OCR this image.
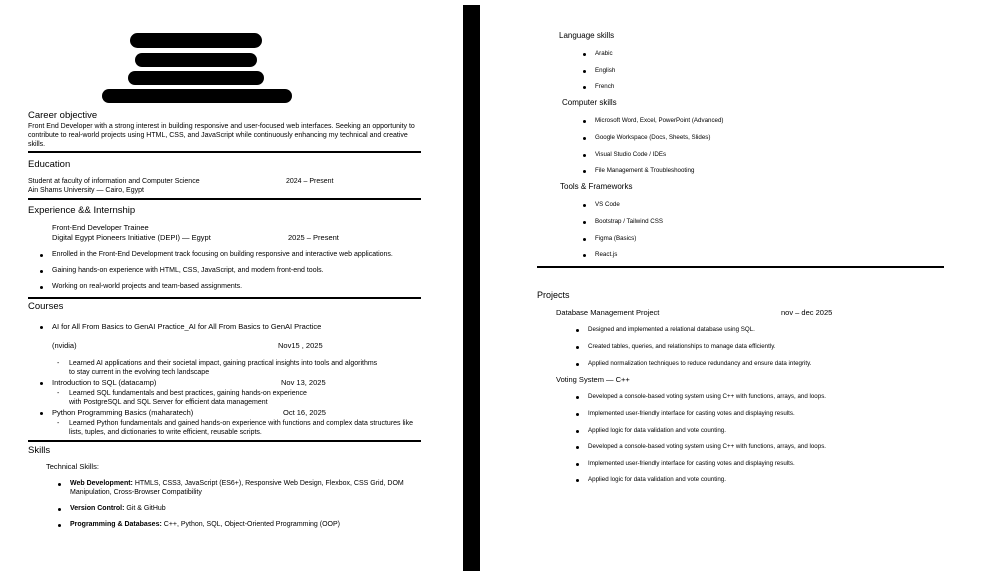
Career objective
Front End Developer with a strong interest in building responsive and user-focused web interfaces. Seeking an opportunity to
contribute to real-world projects using HTML, CSS, and JavaScript while continuously enhancing my technical and creative
skills.
Education
Student at faculty of information and Computer Science	2024 – Present
Ain Shams University — Cairo, Egypt
Experience && Internship
Front-End Developer Trainee
Digital Egypt Pioneers Initiative (DEPI) — Egypt	2025 – Present
Enrolled in the Front-End Development track focusing on building responsive and interactive web applications.
Gaining hands-on experience with HTML, CSS, JavaScript, and modern front-end tools.
Working on real-world projects and team-based assignments.
Courses
AI for All From Basics to GenAI Practice_AI for All From Basics to GenAI Practice
(nvidia)	Nov15 , 2025
- Learned AI applications and their societal impact, gaining practical insights into tools and algorithms
to stay current in the evolving tech landscape
Introduction to SQL (datacamp)	Nov 13, 2025
- Learned SQL fundamentals and best practices, gaining hands-on experience
with PostgreSQL and SQL Server for efficient data management
Python Programming Basics (maharatech)	Oct 16, 2025
- Learned Python fundamentals and gained hands-on experience with functions and complex data structures like
lists, tuples, and dictionaries to write efficient, reusable scripts.
Skills
Technical Skills:
Web Development: HTMLS, CSS3, JavaScript (ES6+), Responsive Web Design, Flexbox, CSS Grid, DOM
Manipulation, Cross-Browser Compatibility
Version Control: Git & GitHub
Programming & Databases: C++, Python, SQL, Object-Oriented Programming (OOP)
Language skills
Arabic
English
French
Computer skills
Microsoft Word, Excel, PowerPoint (Advanced)
Google Workspace (Docs, Sheets, Slides)
Visual Studio Code / IDEs
File Management & Troubleshooting
Tools & Frameworks
VS Code
Bootstrap / Tailwind CSS
Figma (Basics)
React.js
Projects
Database Management Project	nov – dec 2025
Designed and implemented a relational database using SQL.
Created tables, queries, and relationships to manage data efficiently.
Applied normalization techniques to reduce redundancy and ensure data integrity.
Voting System — C++
Developed a console-based voting system using C++ with functions, arrays, and loops.
Implemented user-friendly interface for casting votes and displaying results.
Applied logic for data validation and vote counting.
Developed a console-based voting system using C++ with functions, arrays, and loops.
Implemented user-friendly interface for casting votes and displaying results.
Applied logic for data validation and vote counting.
